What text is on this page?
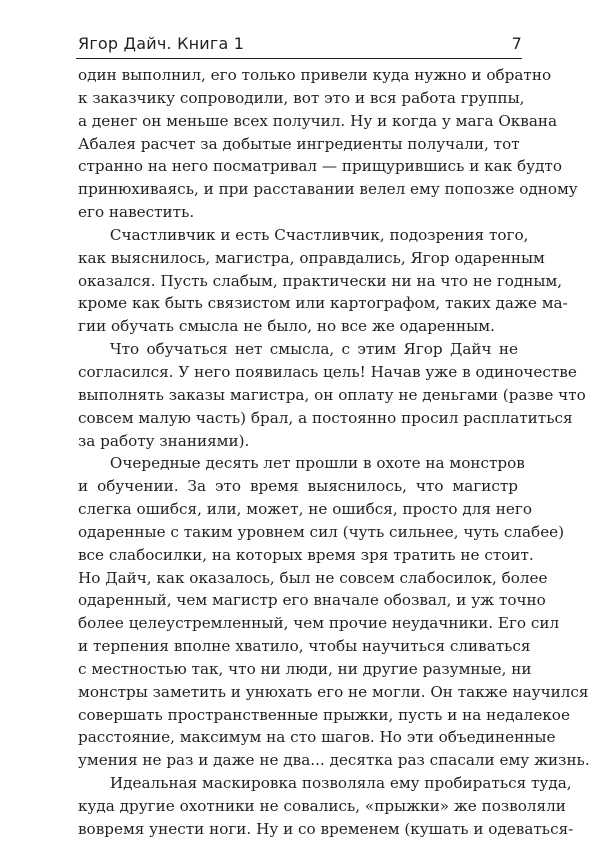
Ягор Дайч. Книга 1	7

один выполнил, его только привели куда нужно и обратно
к заказчику сопроводили, вот это и вся работа группы,
а денег он меньше всех получил. Ну и когда у мага Оквана
Абалея расчет за добытые ингредиенты получали, тот
странно на него посматривал — прищурившись и как будто
принюхиваясь, и при расставании велел ему попозже одному
его навестить.

Счастливчик и есть Счастливчик, подозрения того,
как выяснилось, магистра, оправдались, Ягор одаренным
оказался. Пусть слабым, практически ни на что не годным,
кроме как быть связистом или картографом, таких даже ма-
гии обучать смысла не было, но все же одаренным.

Что обучаться нет смысла, с этим Ягор Дайч не
согласился. У него появилась цель! Начав уже в одиночестве
выполнять заказы магистра, он оплату не деньгами (разве что
совсем малую часть) брал, а постоянно просил расплатиться
за работу знаниями).

Очередные десять лет прошли в охоте на монстров
и обучении. За это время выяснилось, что магистр
слегка ошибся, или, может, не ошибся, просто для него
одаренные с таким уровнем сил (чуть сильнее, чуть слабее)
все слабосилки, на которых время зря тратить не стоит.
Но Дайч, как оказалось, был не совсем слабосилок, более
одаренный, чем магистр его вначале обозвал, и уж точно
более целеустремленный, чем прочие неудачники. Его сил
и терпения вполне хватило, чтобы научиться сливаться
с местностью так, что ни люди, ни другие разумные, ни
монстры заметить и унюхать его не могли. Он также научился
совершать пространственные прыжки, пусть и на недалекое
расстояние, максимум на сто шагов. Но эти объединенные
умения не раз и даже не два... десятка раз спасали ему жизнь.

Идеальная маскировка позволяла ему пробираться туда,
куда другие охотники не совались, «прыжки» же позволяли
вовремя унести ноги. Ну и со временем (кушать и одеваться-
